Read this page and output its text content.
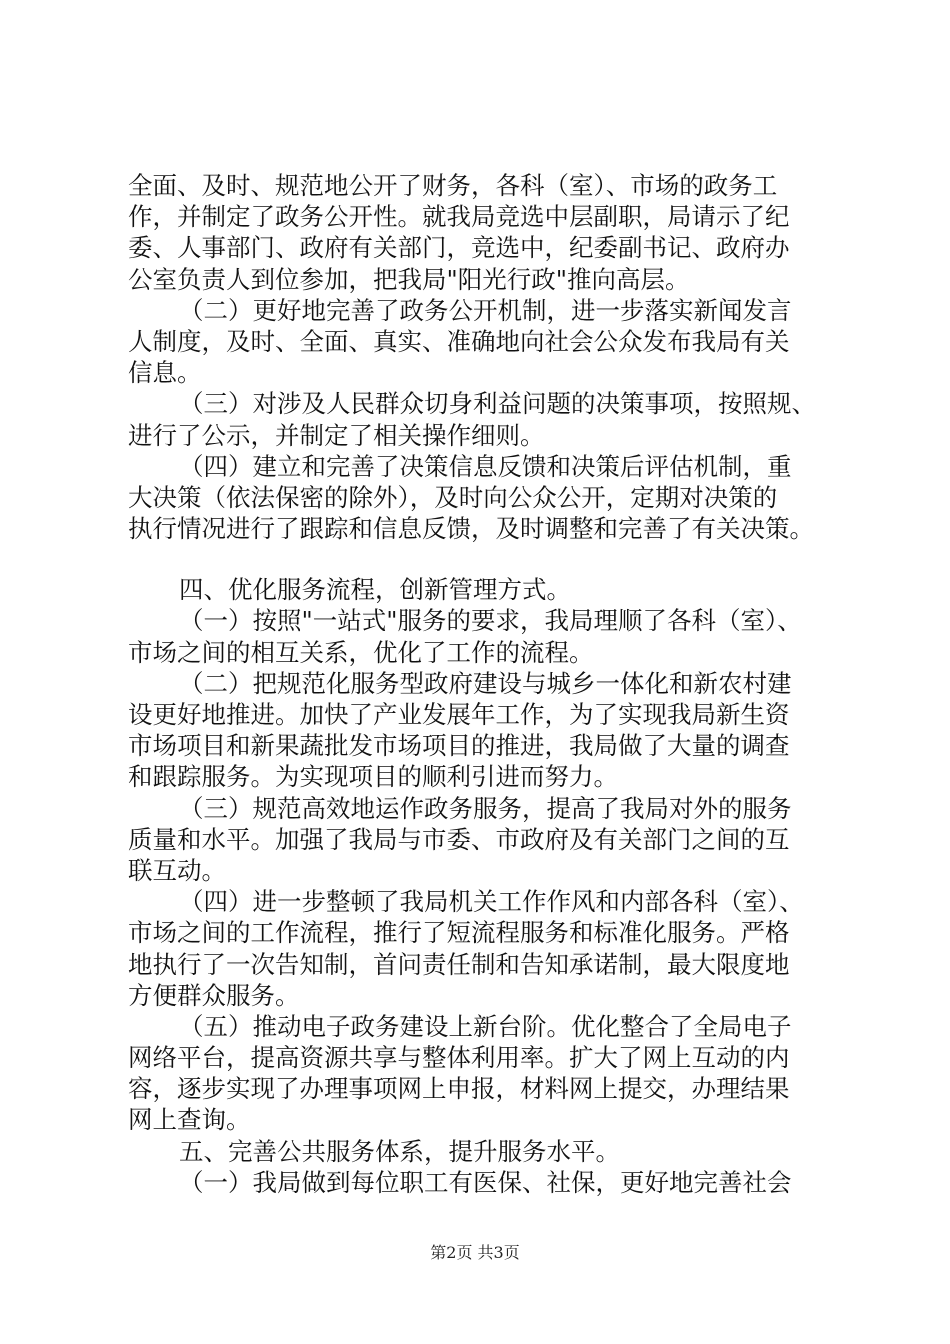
全面、及时、规范地公开了财务，各科（室）、市场的政务工
作，并制定了政务公开性。就我局竞选中层副职，局请示了纪
委、人事部门、政府有关部门，竞选中，纪委副书记、政府办
公室负责人到位参加，把我局"阳光行政"推向高层。
（二）更好地完善了政务公开机制，进一步落实新闻发言
人制度，及时、全面、真实、准确地向社会公众发布我局有关
信息。
（三）对涉及人民群众切身利益问题的决策事项，按照规、
进行了公示，并制定了相关操作细则。
（四）建立和完善了决策信息反馈和决策后评估机制，重
大决策（依法保密的除外），及时向公众公开，定期对决策的
执行情况进行了跟踪和信息反馈，及时调整和完善了有关决策。
四、优化服务流程，创新管理方式。
（一）按照"一站式"服务的要求，我局理顺了各科（室）、
市场之间的相互关系，优化了工作的流程。
（二）把规范化服务型政府建设与城乡一体化和新农村建
设更好地推进。加快了产业发展年工作，为了实现我局新生资
市场项目和新果蔬批发市场项目的推进，我局做了大量的调查
和跟踪服务。为实现项目的顺利引进而努力。
（三）规范高效地运作政务服务，提高了我局对外的服务
质量和水平。加强了我局与市委、市政府及有关部门之间的互
联互动。
（四）进一步整顿了我局机关工作作风和内部各科（室）、
市场之间的工作流程，推行了短流程服务和标准化服务。严格
地执行了一次告知制，首问责任制和告知承诺制，最大限度地
方便群众服务。
（五）推动电子政务建设上新台阶。优化整合了全局电子
网络平台，提高资源共享与整体利用率。扩大了网上互动的内
容，逐步实现了办理事项网上申报，材料网上提交，办理结果
网上查询。
五、完善公共服务体系，提升服务水平。
（一）我局做到每位职工有医保、社保，更好地完善社会
第2页 共3页
